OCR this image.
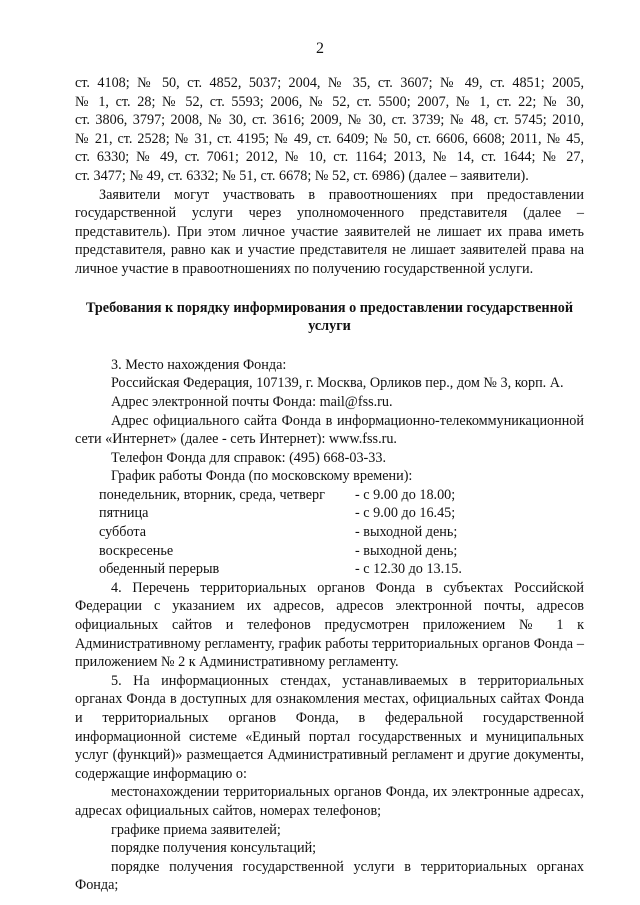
2

ст. 4108; № 50, ст. 4852, 5037; 2004, № 35, ст. 3607; № 49, ст. 4851; 2005,

№ 1, ст. 28; № 52, ст. 5593; 2006, № 52, ст. 5500; 2007, № 1, ст. 22; № 30,

ст. 3806, 3797; 2008, № 30, ст. 3616; 2009, № 30, ст. 3739; № 48, ст. 5745; 2010,

№ 21, ст. 2528; № 31, ст. 4195; № 49, ст. 6409; № 50, ст. 6606, 6608; 2011, № 45,

ст. 6330; № 49, ст. 7061; 2012, № 10, ст. 1164; 2013, № 14, ст. 1644; № 27,

ст. 3477; № 49, ст. 6332; № 51, ст. 6678; № 52, ст. 6986) (далее – заявители).

Заявители могут участвовать в правоотношениях при предоставлении государственной услуги через уполномоченного представителя (далее – представитель). При этом личное участие заявителей не лишает их права иметь представителя, равно как и участие представителя не лишает заявителей права на личное участие в правоотношениях по получению государственной услуги.

Требования к порядку информирования о предоставлении государственной услуги

3. Место нахождения Фонда:

Российская Федерация, 107139, г. Москва, Орликов пер., дом № 3, корп. А.

Адрес электронной почты Фонда: mail@fss.ru.

Адрес официального сайта Фонда в информационно-телекоммуникационной сети «Интернет» (далее - сеть Интернет): www.fss.ru.

Телефон Фонда для справок: (495) 668-03-33.

График работы Фонда (по московскому времени):

понедельник, вторник, среда, четверг	- с 9.00 до 18.00;
пятница	- с 9.00 до 16.45;
суббота	- выходной день;
воскресенье	- выходной день;
обеденный перерыв	- с 12.30 до 13.15.

4. Перечень территориальных органов Фонда в субъектах Российской Федерации с указанием их адресов, адресов электронной почты, адресов официальных сайтов и телефонов предусмотрен приложением № 1 к Административному регламенту, график работы территориальных органов Фонда – приложением № 2 к Административному регламенту.

5. На информационных стендах, устанавливаемых в территориальных органах Фонда в доступных для ознакомления местах, официальных сайтах Фонда и территориальных органов Фонда, в федеральной государственной информационной системе «Единый портал государственных и муниципальных услуг (функций)» размещается Административный регламент и другие документы, содержащие информацию о:

местонахождении территориальных органов Фонда, их электронные адресах, адресах официальных сайтов, номерах телефонов;

графике приема заявителей;

порядке получения консультаций;

порядке получения государственной услуги в территориальных органах Фонда;
